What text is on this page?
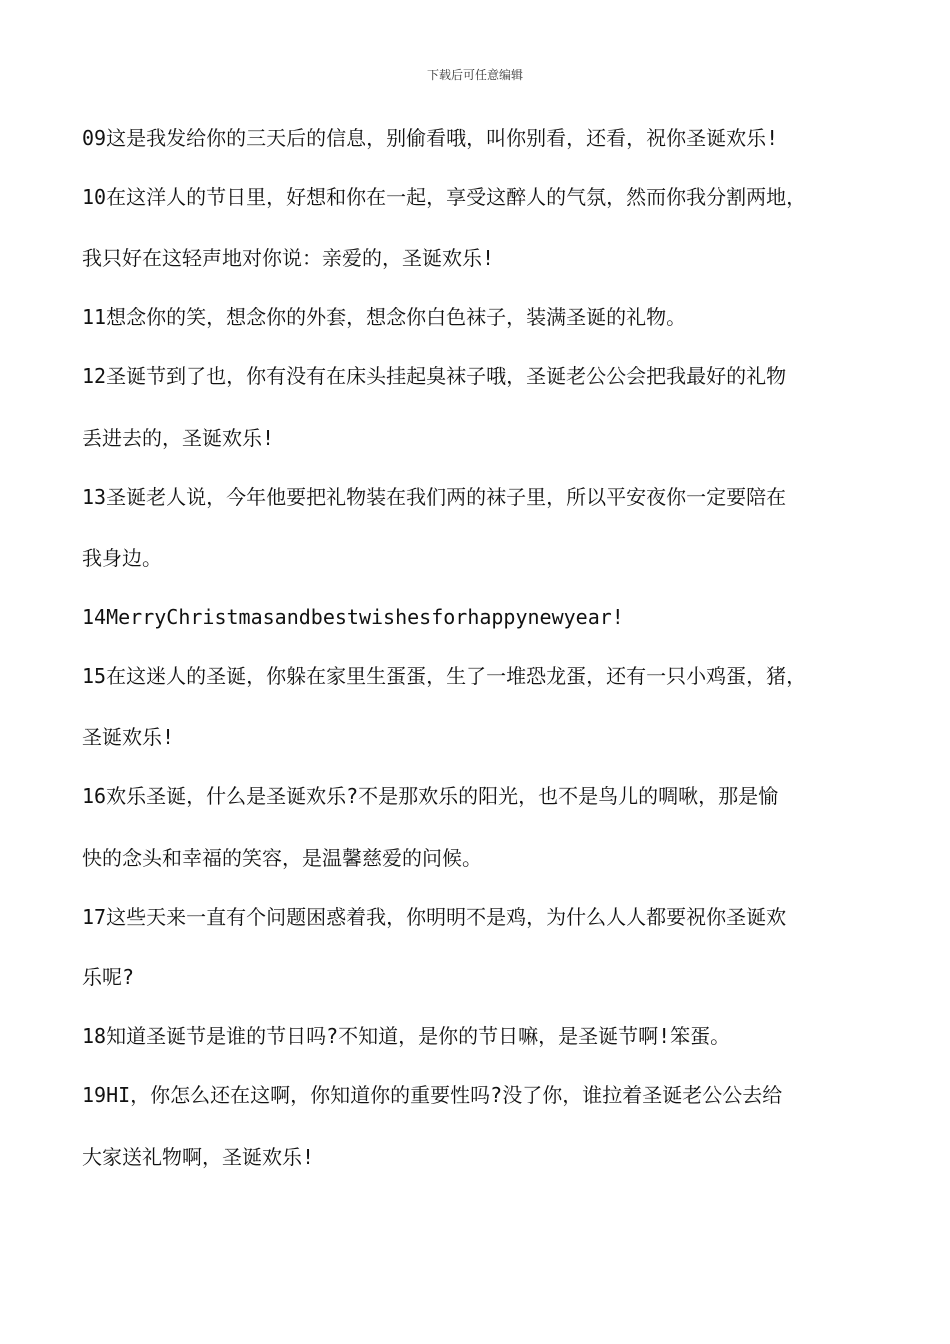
下载后可任意编辑
09这是我发给你的三天后的信息，别偷看哦，叫你别看，还看，祝你圣诞欢乐!
10在这洋人的节日里，好想和你在一起，享受这醉人的气氛，然而你我分割两地，
我只好在这轻声地对你说：亲爱的，圣诞欢乐!
11想念你的笑，想念你的外套，想念你白色袜子，装满圣诞的礼物。
12圣诞节到了也，你有没有在床头挂起臭袜子哦，圣诞老公公会把我最好的礼物
丢进去的，圣诞欢乐!
13圣诞老人说，今年他要把礼物装在我们两的袜子里，所以平安夜你一定要陪在
我身边。
14MerryChristmasandbestwishesforhappynewyear!
15在这迷人的圣诞，你躲在家里生蛋蛋，生了一堆恐龙蛋，还有一只小鸡蛋，猪，
圣诞欢乐!
16欢乐圣诞，什么是圣诞欢乐?不是那欢乐的阳光，也不是鸟儿的啁啾，那是愉
快的念头和幸福的笑容，是温馨慈爱的问候。
17这些天来一直有个问题困惑着我，你明明不是鸡，为什么人人都要祝你圣诞欢
乐呢?
18知道圣诞节是谁的节日吗?不知道，是你的节日嘛，是圣诞节啊!笨蛋。
19HI，你怎么还在这啊，你知道你的重要性吗?没了你，谁拉着圣诞老公公去给
大家送礼物啊，圣诞欢乐!
